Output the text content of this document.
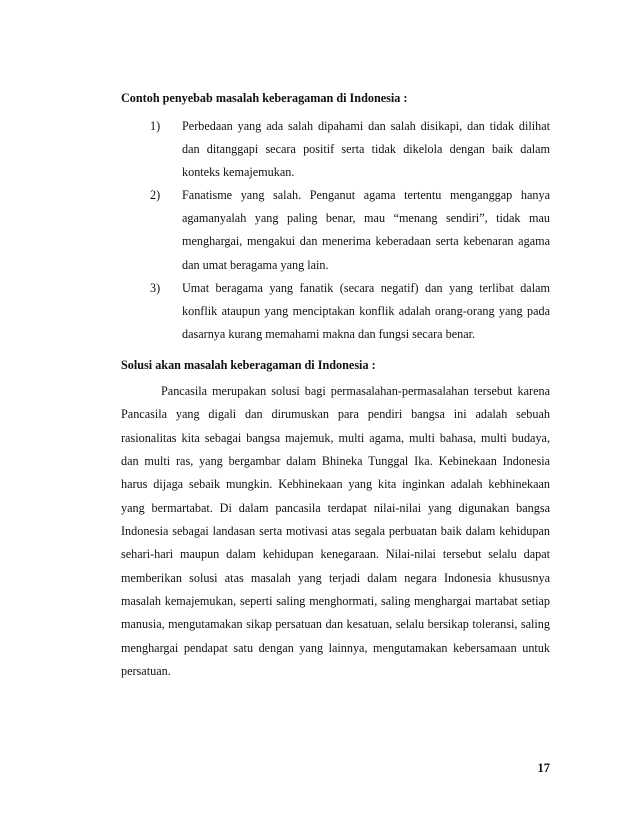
Contoh penyebab masalah keberagaman di Indonesia :
1) Perbedaan yang ada salah dipahami dan salah disikapi, dan tidak dilihat dan ditanggapi secara positif serta tidak dikelola dengan baik dalam konteks kemajemukan.
2) Fanatisme yang salah. Penganut agama tertentu menganggap hanya agamanyalah yang paling benar, mau “menang sendiri”, tidak mau menghargai, mengakui dan menerima keberadaan serta kebenaran agama dan umat beragama yang lain.
3) Umat beragama yang fanatik (secara negatif) dan yang terlibat dalam konflik ataupun yang menciptakan konflik adalah orang-orang yang pada dasarnya kurang memahami makna dan fungsi secara benar.
Solusi akan masalah keberagaman di Indonesia :

Pancasila merupakan solusi bagi permasalahan-permasalahan tersebut karena Pancasila yang digali dan dirumuskan para pendiri bangsa ini adalah sebuah rasionalitas kita sebagai bangsa majemuk, multi agama, multi bahasa, multi budaya, dan multi ras, yang bergambar dalam Bhineka Tunggal Ika. Kebinekaan Indonesia harus dijaga sebaik mungkin. Kebhinekaan yang kita inginkan adalah kebhinekaan yang bermartabat. Di dalam pancasila terdapat nilai-nilai yang digunakan bangsa Indonesia sebagai landasan serta motivasi atas segala perbuatan baik dalam kehidupan sehari-hari maupun dalam kehidupan kenegaraan. Nilai-nilai tersebut selalu dapat memberikan solusi atas masalah yang terjadi dalam negara Indonesia khususnya masalah kemajemukan, seperti saling menghormati, saling menghargai martabat setiap manusia, mengutamakan sikap persatuan dan kesatuan, selalu bersikap toleransi, saling menghargai pendapat satu dengan yang lainnya, mengutamakan kebersamaan untuk persatuan.

17
